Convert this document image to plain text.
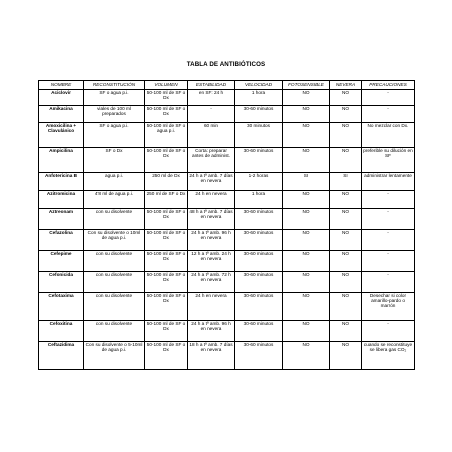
TABLA DE ANTIBIÓTICOS
NOMBRE	RECONSTITUCIÓN	VOLUMEN	ESTABILIDAD	VELOCIDAD	FOTOSENSIBLE	NEVERA	PRECAUCIONES
Aciclovir	SF o agua p.i.	50-100 ml de SF o Dx	en SF: 24 h	1 hora	NO	NO	-
Amikacina	viales de 100 ml preparados	50-100 ml de SF o Dx	-	30-60 minutos	NO	NO	-
Amoxicilina + Clavulánico	SF o agua p.i.	50-100 ml de SF o agua p.i.	60 min	30 minutos	NO	NO	No mezclar con Dx.
Ampicilina	SF o Dx	50-100 ml de SF o Dx	Corta: preparar antes de administ.	30-60 minutos	NO	NO	preferible su dilución en SF
Anfotericina B	agua p.i.	250 ml de Dx	24 h a tª amb. 7 días en nevera	1-2 horas	SI	SI	administrar lentamente
Azitromicina	4'8 ml de agua p.i.	250 ml de SF o Dx	24 h en nevera	1 hora	NO	NO	-
Aztreonam	con su disolvente	50-100 ml de SF o Dx	48 h a tª amb. 7 días en nevera	30-60 minutos	NO	NO	-
Cefazolina	Con su disolvente o 10ml de agua p.i.	50-100 ml de SF o Dx	24 h a tª amb. 96 h en nevera	30-60 minutos	NO	NO	-
Cefepime	con su disolvente	50-100 ml de SF o Dx	12 h a tª amb. 24 h en nevera	30-60 minutos	NO	NO	-
Cefonicida	con su disolvente	50-100 ml de SF o Dx	24 h a tª amb. 72 h en nevera	30-60 minutos	NO	NO	-
Cefotaxima	con su disolvente	50-100 ml de SF o Dx	24 h en nevera	30-60 minutos	NO	NO	Desechar si color amarillo-pardo o marrón
Cefoxitina	con su disolvente	50-100 ml de SF o Dx	24 h a tª amb. 96 h en nevera	30-60 minutos	NO	NO	-
Ceftazidima	Con su disolvente o 5-10ml de agua p.i.	50-100 ml de SF o Dx	18 h a tª amb. 7 días en nevera	30-60 minutos	NO	NO	cuando se reconstituye se libera gas CO₂
